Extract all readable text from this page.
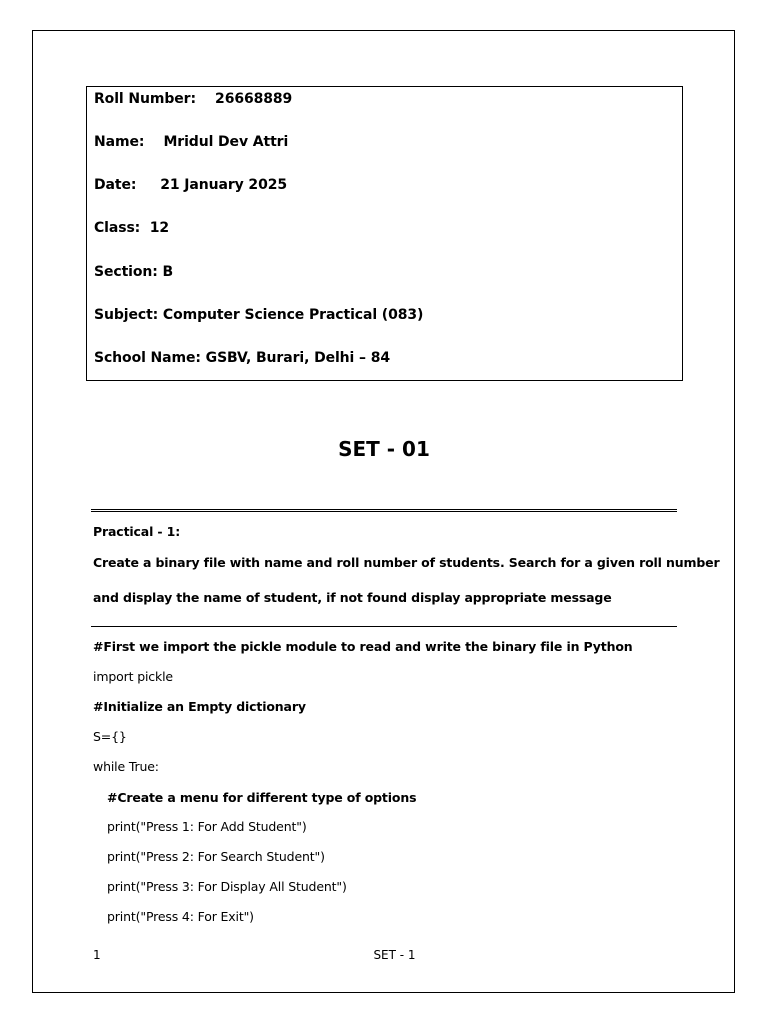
Roll Number:    26668889
Name:    Mridul Dev Attri
Date:     21 January 2025
Class:  12
Section: B
Subject: Computer Science Practical (083)
School Name: GSBV, Burari, Delhi – 84
SET - 01
Practical - 1:
Create a binary file with name and roll number of students. Search for a given roll number
and display the name of student, if not found display appropriate message
#First we import the pickle module to read and write the binary file in Python
import pickle
#Initialize an Empty dictionary
S={}
while True:
#Create a menu for different type of options
print("Press 1: For Add Student")
print("Press 2: For Search Student")
print("Press 3: For Display All Student")
print("Press 4: For Exit")
1	SET - 1
